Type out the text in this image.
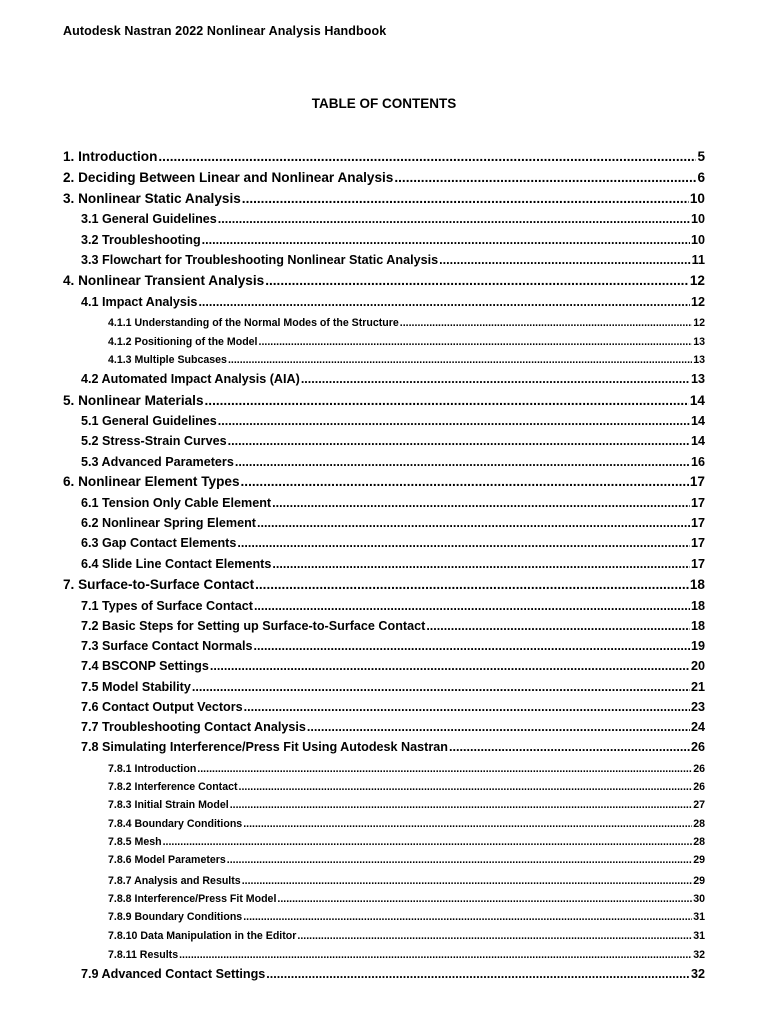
Autodesk Nastran 2022 Nonlinear Analysis Handbook
TABLE OF CONTENTS
1. Introduction .....	5
2. Deciding Between Linear and Nonlinear Analysis .....	6
3. Nonlinear Static Analysis .....	10
3.1 General Guidelines .....	10
3.2 Troubleshooting .....	10
3.3 Flowchart for Troubleshooting Nonlinear Static Analysis .....	11
4. Nonlinear Transient Analysis .....	12
4.1 Impact Analysis .....	12
4.1.1 Understanding of the Normal Modes of the Structure .....	12
4.1.2 Positioning of the Model .....	13
4.1.3 Multiple Subcases .....	13
4.2 Automated Impact Analysis (AIA) .....	13
5. Nonlinear Materials .....	14
5.1 General Guidelines .....	14
5.2 Stress-Strain Curves .....	14
5.3 Advanced Parameters .....	16
6. Nonlinear Element Types .....	17
6.1 Tension Only Cable Element .....	17
6.2 Nonlinear Spring Element .....	17
6.3 Gap Contact Elements .....	17
6.4 Slide Line Contact Elements .....	17
7. Surface-to-Surface Contact .....	18
7.1 Types of Surface Contact .....	18
7.2 Basic Steps for Setting up Surface-to-Surface Contact .....	18
7.3 Surface Contact Normals .....	19
7.4 BSCONP Settings .....	20
7.5 Model Stability .....	21
7.6 Contact Output Vectors .....	23
7.7 Troubleshooting Contact Analysis .....	24
7.8 Simulating Interference/Press Fit Using Autodesk Nastran .....	26
7.8.1 Introduction .....	26
7.8.2 Interference Contact .....	26
7.8.3 Initial Strain Model .....	27
7.8.4 Boundary Conditions .....	28
7.8.5 Mesh .....	28
7.8.6 Model Parameters .....	29
7.8.7 Analysis and Results .....	29
7.8.8 Interference/Press Fit Model .....	30
7.8.9 Boundary Conditions .....	31
7.8.10 Data Manipulation in the Editor .....	31
7.8.11 Results .....	32
7.9 Advanced Contact Settings .....	32
